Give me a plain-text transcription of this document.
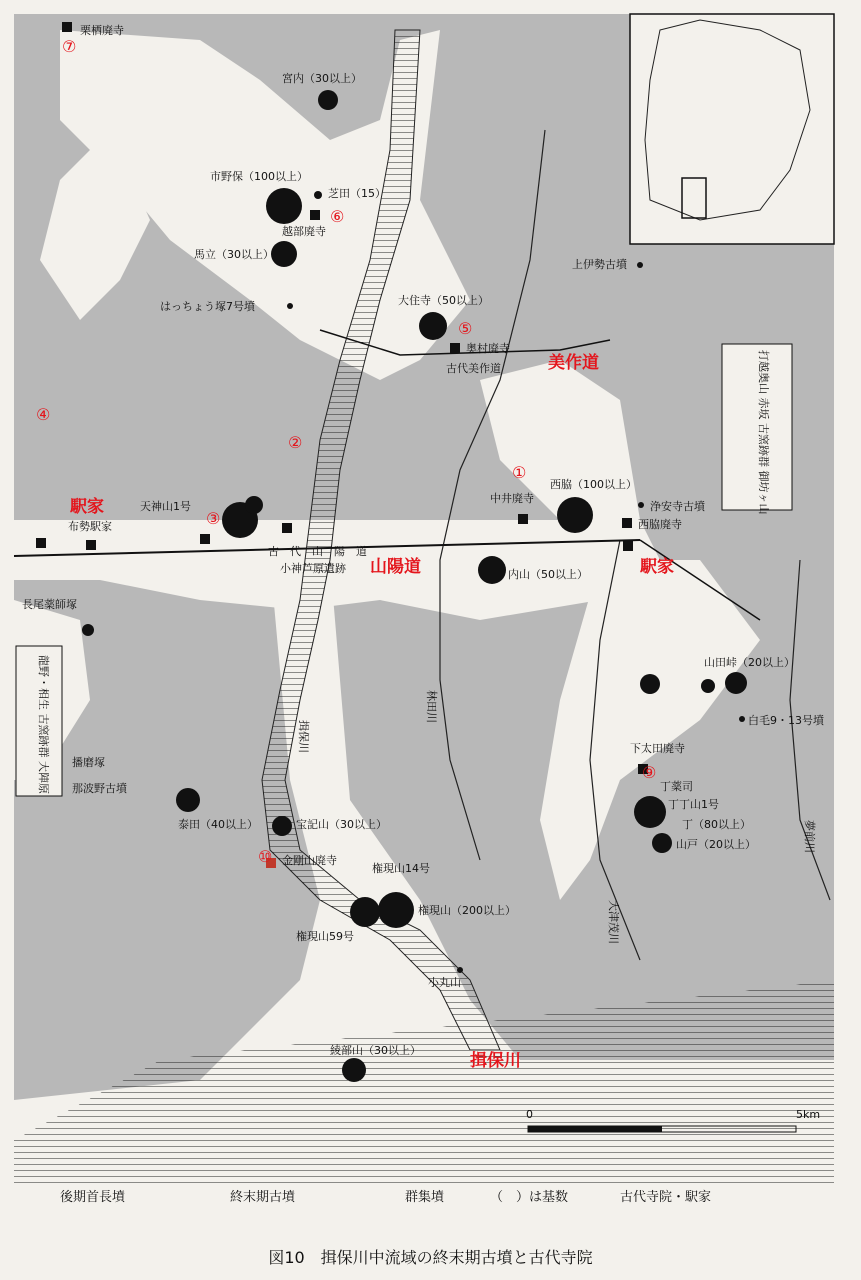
栗栖廃寺
宮内（30以上）
市野保（100以上）
芝田（15）
越部廃寺
馬立（30以上）
はっちょう塚7号墳	大住寺（50以上）
奥村廃寺
古代美作道
上伊勢古墳
美作道
天神山1号
布勢駅家
中井廃寺
西脇（100以上）
浄安寺古墳
西脇廃寺
古　代　山　陽　道
小神芦原遺跡 山陽道
駅家
駅家
内山（50以上）
長尾薬師塚
山田峠（20以上）
白毛9・13号墳
下太田廃寺
播磨塚
那波野古墳	丁薬司
丁丁山1号
丁（80以上）
山戸（20以上）
泰田（40以上）	宝記山（30以上）
金剛山廃寺
権現山14号
権現山（200以上）
権現山59号
小丸山
綾部山（30以上）
揖保川
林田川
大津茂川
夢前川
揖保川
龍野・相生 古窯跡群 大陣原
打越奥山 赤坂 古窯跡群 御坊ヶ山
⑦
⑥
⑤
④
②
①
③
⑨
⑩
0	5km
後期首長墳	終末期古墳	群集墳	（　）は基数	古代寺院・駅家
図10　揖保川中流域の終末期古墳と古代寺院
